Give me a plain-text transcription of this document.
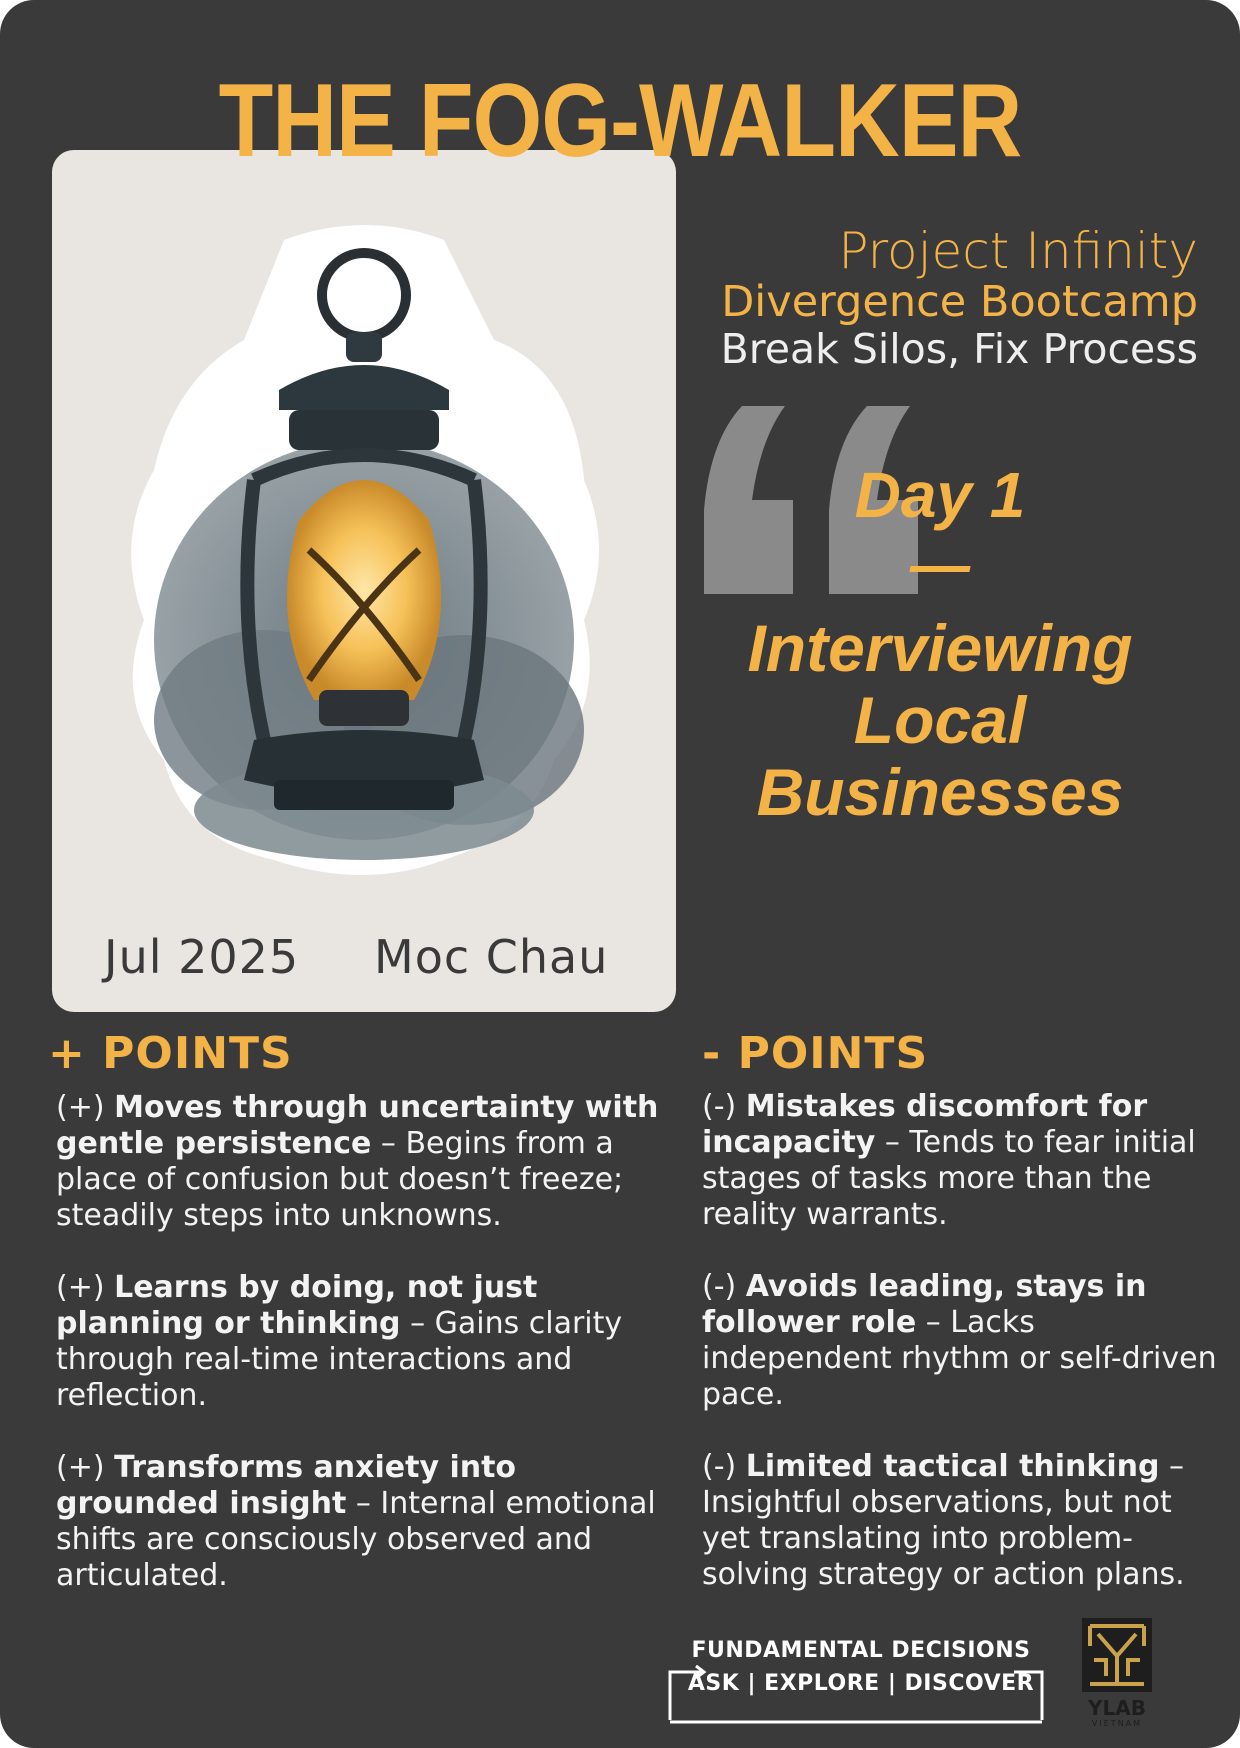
Jul 2025 Moc Chau
THE FOG-WALKER
Project Infinity
Divergence Bootcamp
Break Silos, Fix Process
Day 1
—
Interviewing
Local
Businesses
+ POINTS	- POINTS

(+) Moves through uncertainty with gentle persistence – Begins from a place of confusion but doesn’t freeze; steadily steps into unknowns.

(+) Learns by doing, not just planning or thinking – Gains clarity through real-time interactions and reflection.

(+) Transforms anxiety into grounded insight – Internal emotional shifts are consciously observed and articulated.

(-) Mistakes discomfort for incapacity – Tends to fear initial stages of tasks more than the reality warrants.

(-) Avoids leading, stays in follower role – Lacks independent rhythm or self-driven pace.

(-) Limited tactical thinking – Insightful observations, but not yet translating into problem-solving strategy or action plans.

FUNDAMENTAL DECISIONS
ASK | EXPLORE | DISCOVER
YLAB
VIETNAM
